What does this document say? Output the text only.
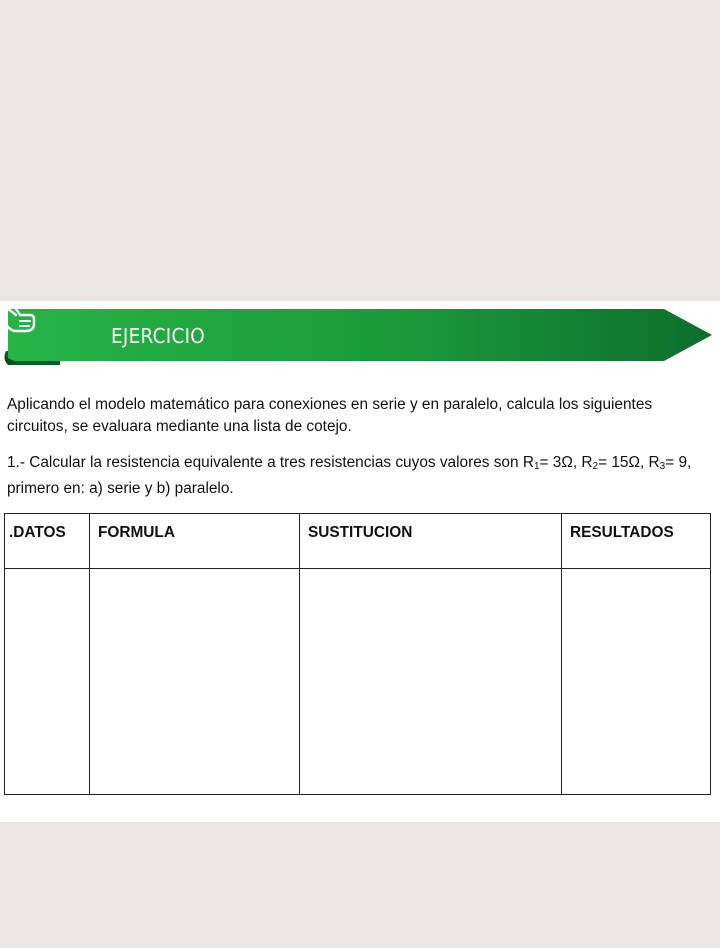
EJERCICIO

Aplicando el modelo matemático para conexiones en serie y en paralelo, calcula los siguientes circuitos, se evaluara mediante una lista de cotejo.

1.- Calcular la resistencia equivalente a tres resistencias cuyos valores son $R_1= 3\Omega$, $R_2= 15\Omega$, $R_3= 9$, primero en: a) serie y b) paralelo.

.DATOS	FORMULA	SUSTITUCION	RESULTADOS
